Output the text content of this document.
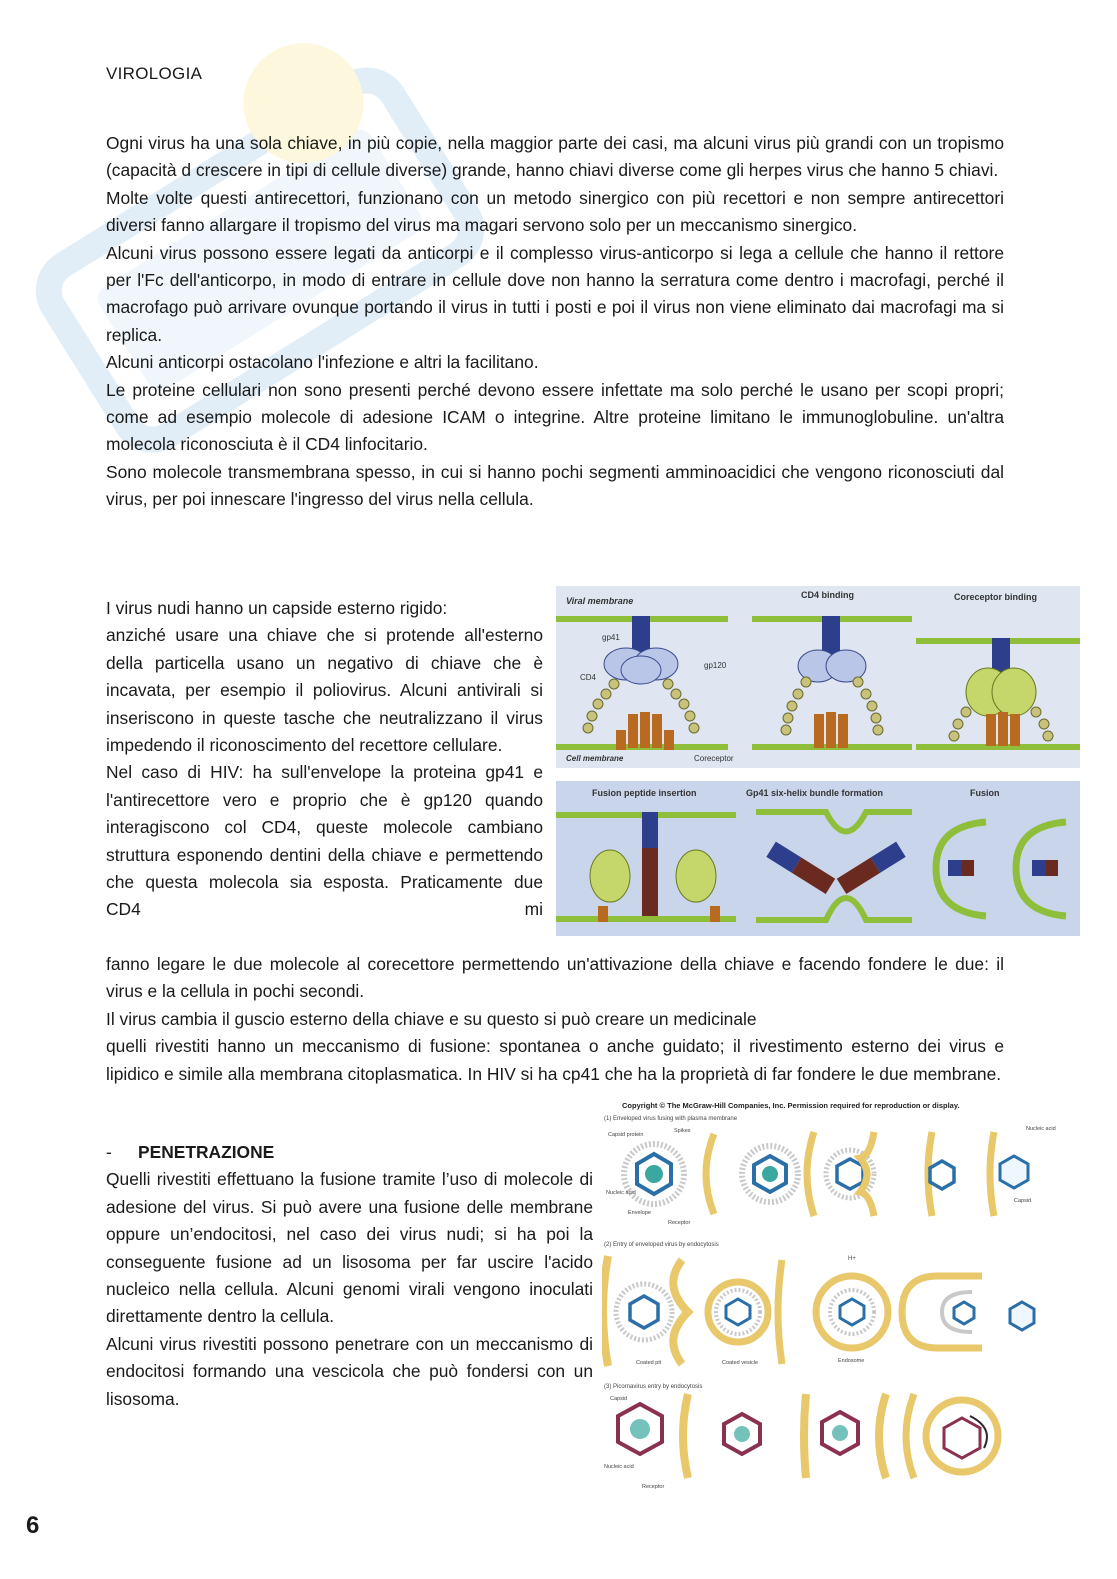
VIROLOGIA

Ogni virus ha una sola chiave, in più copie, nella maggior parte dei casi, ma alcuni virus più grandi con un tropismo (capacità d crescere in tipi di cellule diverse) grande, hanno chiavi diverse come gli herpes virus che hanno 5 chiavi.

Molte volte questi antirecettori, funzionano con un metodo sinergico con più recettori e non sempre antirecettori diversi fanno allargare il tropismo del virus ma magari servono solo per un meccanismo sinergico.

Alcuni virus possono essere legati da anticorpi e il complesso virus-anticorpo si lega a cellule che hanno il rettore per l'Fc dell'anticorpo, in modo di entrare in cellule dove non hanno la serratura come dentro i macrofagi, perché il macrofago può arrivare ovunque portando il virus in tutti i posti e poi il virus non viene eliminato dai macrofagi ma si replica.

Alcuni anticorpi ostacolano l'infezione e altri la facilitano.

Le proteine cellulari non sono presenti perché devono essere infettate ma solo perché le usano per scopi propri; come ad esempio molecole di adesione ICAM o integrine. Altre proteine limitano le immunoglobuline. un'altra molecola riconosciuta è il CD4 linfocitario.

Sono molecole transmembrana spesso, in cui si hanno pochi segmenti amminoacidici che vengono riconosciuti dal virus, per poi innescare l'ingresso del virus nella cellula.

I virus nudi hanno un capside esterno rigido:

anziché usare una chiave che si protende all'esterno della particella usano un negativo di chiave che è incavata, per esempio il poliovirus. Alcuni antivirali si inseriscono in queste tasche che neutralizzano il virus impedendo il riconoscimento del recettore cellulare.

Nel caso di HIV: ha sull'envelope la proteina gp41 e l'antirecettore vero e proprio che è gp120 quando interagiscono col CD4, queste molecole cambiano struttura esponendo dentini della chiave e permettendo che questa molecola sia esposta. Praticamente due CD4 mi

Viral membrane
CD4 binding	Coreceptor binding
gp41
gp120
CD4
Cell membrane	Coreceptor
Fusion peptide insertion	Gp41 six-helix bundle formation	Fusion

fanno legare le due molecole al corecettore permettendo un'attivazione della chiave e facendo fondere le due: il virus e la cellula in pochi secondi.

Il virus cambia il guscio esterno della chiave e su questo si può creare un medicinale

quelli rivestiti hanno un meccanismo di fusione: spontanea o anche guidato; il rivestimento esterno dei virus e lipidico e simile alla membrana citoplasmatica. In HIV si ha cp41 che ha la proprietà di far fondere le due membrane.

- PENETRAZIONE

Quelli rivestiti effettuano la fusione tramite l’uso di molecole di adesione del virus. Si può avere una fusione delle membrane oppure un’endocitosi, nel caso dei virus nudi; si ha poi la conseguente fusione ad un lisosoma per far uscire l'acido nucleico nella cellula. Alcuni genomi virali vengono inoculati direttamente dentro la cellula.

Alcuni virus rivestiti possono penetrare con un meccanismo di endocitosi formando una vescicola che può fondersi con un lisosoma.

Copyright © The McGraw-Hill Companies, Inc. Permission required for reproduction or display.
(1) Enveloped virus fusing with plasma membrane
Capsid protein
Spikes
Nucleic acid
Envelope
Receptor
Nucleic acid
Capsid
(2) Entry of enveloped virus by endocytosis
H+
Coated pit	Coated vesicle	Endosome
(3) Picornavirus entry by endocytosis
Capsid
Nucleic acid
Receptor
6
